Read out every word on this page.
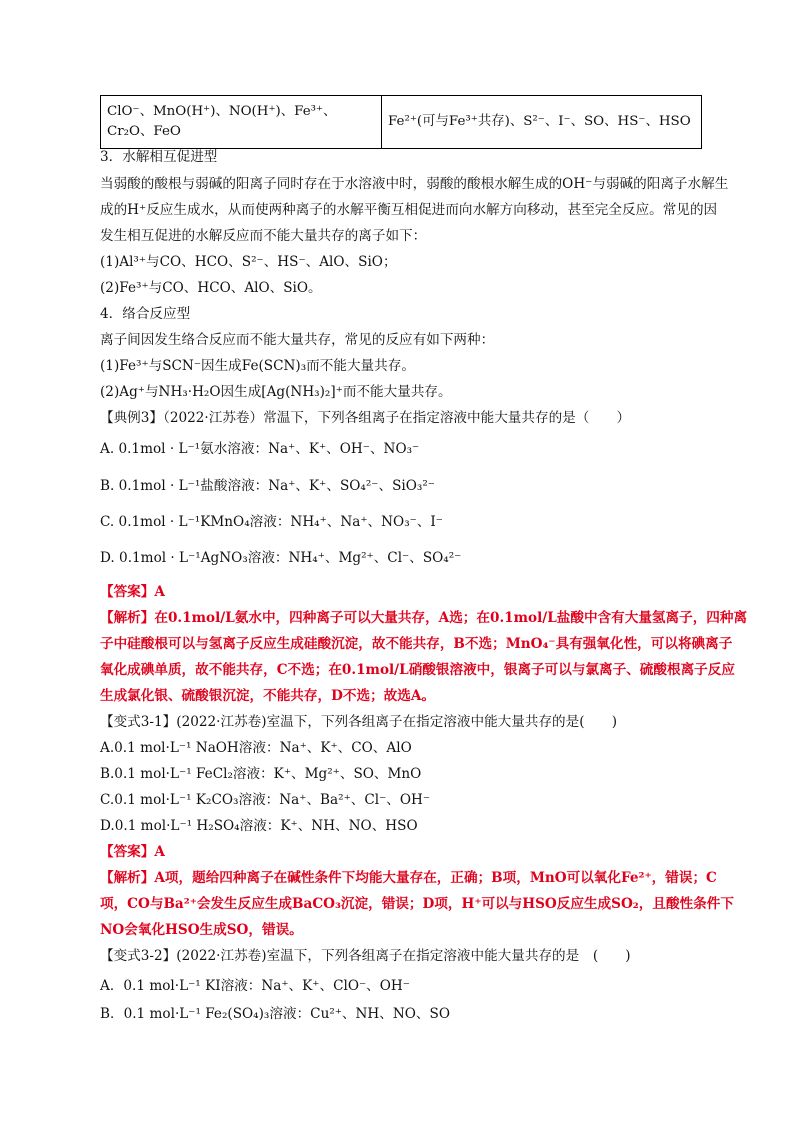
ClO⁻、MnO(H⁺)、NO(H⁺)、Fe³⁺、
Cr₂O、FeO
	Fe²⁺(可与Fe³⁺共存)、S²⁻、I⁻、SO、HS⁻、HSO
3．水解相互促进型
当弱酸的酸根与弱碱的阳离子同时存在于水溶液中时，弱酸的酸根水解生成的OH⁻与弱碱的阳离子水解生
成的H⁺反应生成水，从而使两种离子的水解平衡互相促进而向水解方向移动，甚至完全反应。常见的因
发生相互促进的水解反应而不能大量共存的离子如下：
(1)Al³⁺与CO、HCO、S²⁻、HS⁻、AlO、SiO；
(2)Fe³⁺与CO、HCO、AlO、SiO。
4．络合反应型
离子间因发生络合反应而不能大量共存，常见的反应有如下两种：
(1)Fe³⁺与SCN⁻因生成Fe(SCN)₃而不能大量共存。
(2)Ag⁺与NH₃·H₂O因生成[Ag(NH₃)₂]⁺而不能大量共存。
【典例3】（2022·江苏卷）常温下，下列各组离子在指定溶液中能大量共存的是（　　）
A. 0.1mol · L⁻¹氨水溶液：Na⁺、K⁺、OH⁻、NO₃⁻
B. 0.1mol · L⁻¹盐酸溶液：Na⁺、K⁺、SO₄²⁻、SiO₃²⁻
C. 0.1mol · L⁻¹KMnO₄溶液：NH₄⁺、Na⁺、NO₃⁻、I⁻
D. 0.1mol · L⁻¹AgNO₃溶液：NH₄⁺、Mg²⁺、Cl⁻、SO₄²⁻
【答案】A
【解析】在0.1mol/L氨水中，四种离子可以大量共存，A选；在0.1mol/L盐酸中含有大量氢离子，四种离
子中硅酸根可以与氢离子反应生成硅酸沉淀，故不能共存，B不选；MnO₄⁻具有强氧化性，可以将碘离子
氧化成碘单质，故不能共存，C不选；在0.1mol/L硝酸银溶液中，银离子可以与氯离子、硫酸根离子反应
生成氯化银、硫酸银沉淀，不能共存，D不选；故选A。
【变式3-1】(2022·江苏卷)室温下，下列各组离子在指定溶液中能大量共存的是(　　)
A.0.1 mol·L⁻¹ NaOH溶液：Na⁺、K⁺、CO、AlO
B.0.1 mol·L⁻¹ FeCl₂溶液：K⁺、Mg²⁺、SO、MnO
C.0.1 mol·L⁻¹ K₂CO₃溶液：Na⁺、Ba²⁺、Cl⁻、OH⁻
D.0.1 mol·L⁻¹ H₂SO₄溶液：K⁺、NH、NO、HSO
【答案】A
【解析】A项，题给四种离子在碱性条件下均能大量存在，正确；B项，MnO可以氧化Fe²⁺，错误；C
项，CO与Ba²⁺会发生反应生成BaCO₃沉淀，错误；D项，H⁺可以与HSO反应生成SO₂，且酸性条件下
NO会氧化HSO生成SO，错误。
【变式3-2】(2022·江苏卷)室温下，下列各组离子在指定溶液中能大量共存的是　(　　)
A．0.1 mol·L⁻¹ KI溶液：Na⁺、K⁺、ClO⁻、OH⁻
B．0.1 mol·L⁻¹ Fe₂(SO₄)₃溶液：Cu²⁺、NH、NO、SO
